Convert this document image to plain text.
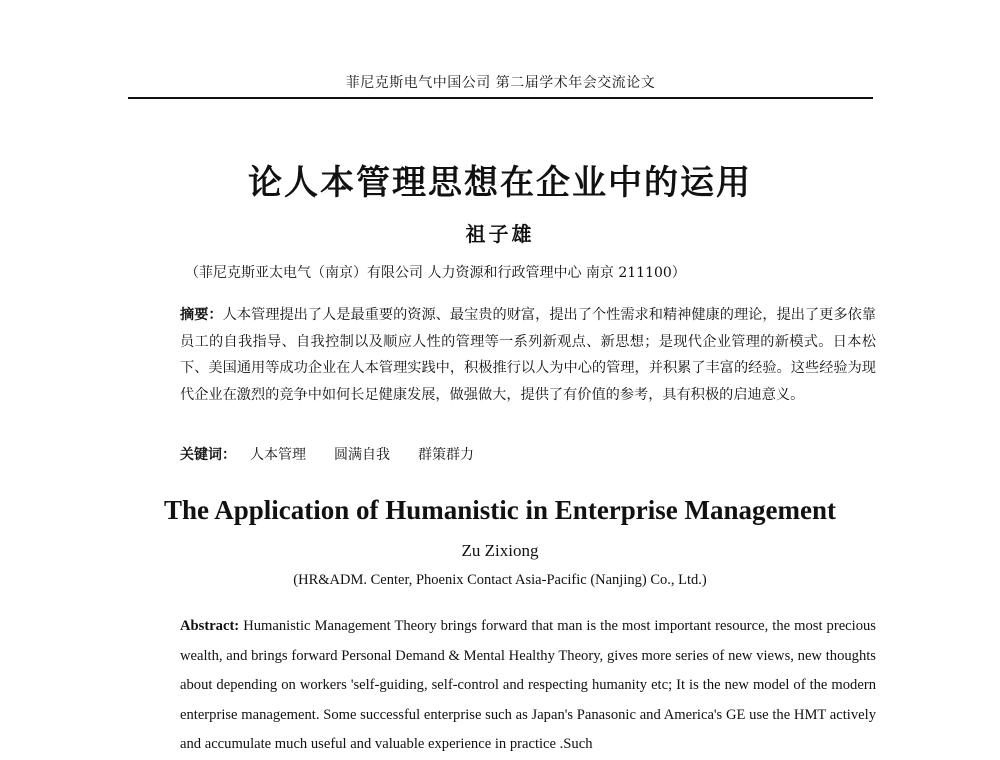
菲尼克斯电气中国公司 第二届学术年会交流论文
论人本管理思想在企业中的运用
祖子雄
（菲尼克斯亚太电气（南京）有限公司 人力资源和行政管理中心 南京 211100）
摘要：人本管理提出了人是最重要的资源、最宝贵的财富，提出了个性需求和精神健康的理论，提出了更多依靠员工的自我指导、自我控制以及顺应人性的管理等一系列新观点、新思想；是现代企业管理的新模式。日本松下、美国通用等成功企业在人本管理实践中，积极推行以人为中心的管理，并积累了丰富的经验。这些经验为现代企业在激烈的竞争中如何长足健康发展，做强做大，提供了有价值的参考，具有积极的启迪意义。
关键词： 人本管理 圆满自我 群策群力
The Application of Humanistic in Enterprise Management
Zu Zixiong
(HR&ADM. Center, Phoenix Contact Asia-Pacific (Nanjing) Co., Ltd.)
Abstract: Humanistic Management Theory brings forward that man is the most important resource, the most precious wealth, and brings forward Personal Demand & Mental Healthy Theory, gives more series of new views, new thoughts about depending on workers 'self-guiding, self-control and respecting humanity etc; It is the new model of the modern enterprise management. Some successful enterprise such as Japan's Panasonic and America's GE use the HMT actively and accumulate much useful and valuable experience in practice .Such
